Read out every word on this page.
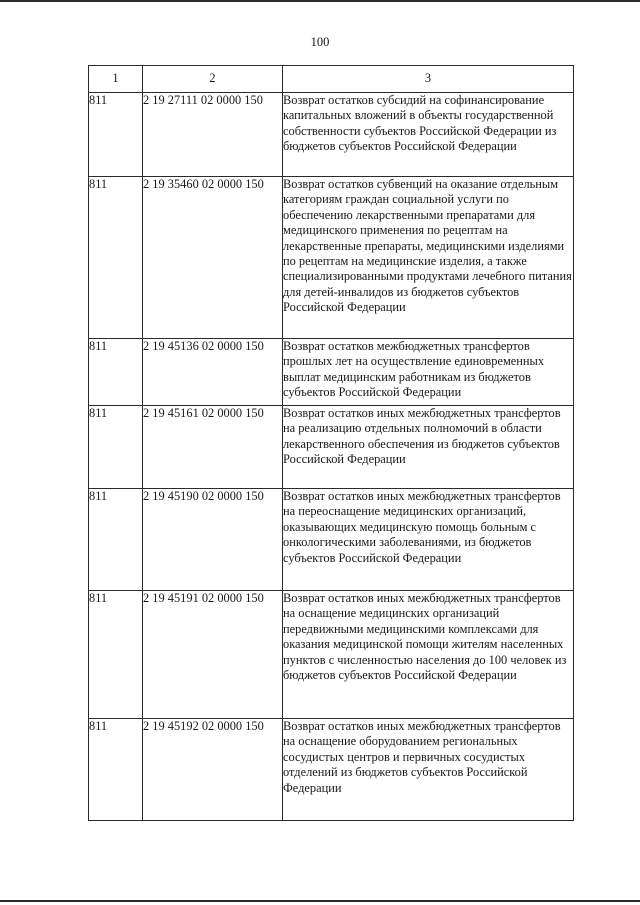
100
1	2	3
811	2 19 27111 02 0000 150	Возврат остатков субсидий на софинансирование капитальных вложений в объекты государственной собственности субъектов Российской Федерации из бюджетов субъектов Российской Федерации
811	2 19 35460 02 0000 150	Возврат остатков субвенций на оказание отдельным категориям граждан социальной услуги по обеспечению лекарственными препаратами для медицинского применения по рецептам на лекарственные препараты, медицинскими изделиями по рецептам на медицинские изделия, а также специализированными продуктами лечебного питания для детей-инвалидов из бюджетов субъектов Российской Федерации
811	2 19 45136 02 0000 150	Возврат остатков межбюджетных трансфертов прошлых лет на осуществление единовременных выплат медицинским работникам из бюджетов субъектов Российской Федерации
811	2 19 45161 02 0000 150	Возврат остатков иных межбюджетных трансфертов на реализацию отдельных полномочий в области лекарственного обеспечения из бюджетов субъектов Российской Федерации
811	2 19 45190 02 0000 150	Возврат остатков иных межбюджетных трансфертов на переоснащение медицинских организаций, оказывающих медицинскую помощь больным с онкологическими заболеваниями, из бюджетов субъектов Российской Федерации
811	2 19 45191 02 0000 150	Возврат остатков иных межбюджетных трансфертов на оснащение медицинских организаций передвижными медицинскими комплексами для оказания медицинской помощи жителям населенных пунктов с численностью населения до 100 человек из бюджетов субъектов Российской Федерации
811	2 19 45192 02 0000 150	Возврат остатков иных межбюджетных трансфертов на оснащение оборудованием региональных сосудистых центров и первичных сосудистых отделений из бюджетов субъектов Российской Федерации
